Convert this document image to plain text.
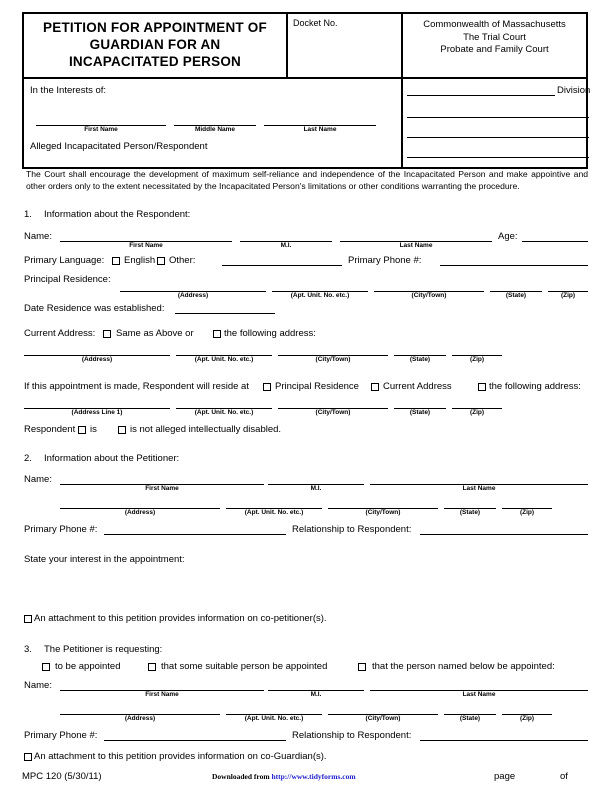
PETITION FOR APPOINTMENT OF
GUARDIAN FOR AN
INCAPACITATED PERSON
	Docket No.	Commonwealth of Massachusetts
The Trial Court
Probate and Family Court

In the Interests of:
First Name Middle Name Last Name
Alleged Incapacitated Person/Respondent		Division
The Court shall encourage the development of maximum self-reliance and independence of the Incapacitated Person and make appointive and other orders only to the extent necessitated by the Incapacitated Person's limitations or other conditions warranting the procedure.
1. Information about the Respondent:
Name:
First Name	M.I.	Last Name
Age:
Primary Language: English Other:	Primary Phone #:
Principal Residence:
(Address)	(Apt. Unit. No. etc.)	(City/Town)	(State)	(Zip)
Date Residence was established:
Current Address: Same as Above or	the following address:
(Address)	(Apt. Unit. No. etc.)	(City/Town)	(State)	(Zip)
If this appointment is made, Respondent will reside at	Principal Residence	Current Address	the following address:
(Address Line 1)	(Apt. Unit. No. etc.)	(City/Town)	(State)	(Zip)
Respondent is	is not alleged intellectually disabled.
2. Information about the Petitioner:
Name:
First Name	M.I.	Last Name
(Address)	(Apt. Unit. No. etc.)	(City/Town)	(State)	(Zip)
Primary Phone #:	Relationship to Respondent:
State your interest in the appointment:
An attachment to this petition provides information on co-petitioner(s).
3. The Petitioner is requesting:
to be appointed	that some suitable person be appointed	that the person named below be appointed:
Name:
First Name	M.I.	Last Name
(Address)	(Apt. Unit. No. etc.)	(City/Town)	(State)	(Zip)
Primary Phone #:	Relationship to Respondent:
An attachment to this petition provides information on co-Guardian(s).
MPC 120 (5/30/11)	Downloaded from http://www.tidyforms.com	page	of
